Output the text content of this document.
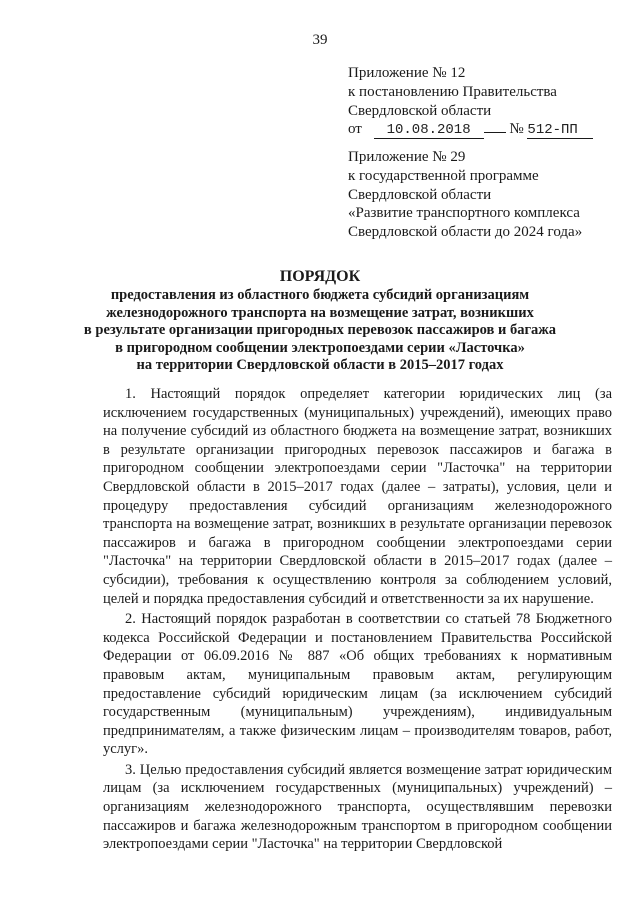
39
Приложение № 12
к постановлению Правительства
Свердловской области
от 10.08.2018	№ 512-ПП
Приложение № 29
к государственной программе
Свердловской области
«Развитие транспортного комплекса
Свердловской области до 2024 года»
ПОРЯДОК
предоставления из областного бюджета субсидий организациям
железнодорожного транспорта на возмещение затрат, возникших
в результате организации пригородных перевозок пассажиров и багажа
в пригородном сообщении электропоездами серии «Ласточка»
на территории Свердловской области в 2015–2017 годах

1. Настоящий порядок определяет категории юридических лиц (за исключением государственных (муниципальных) учреждений), имеющих право на получение субсидий из областного бюджета на возмещение затрат, возникших в результате организации пригородных перевозок пассажиров и багажа в пригородном сообщении электропоездами серии "Ласточка" на территории Свердловской области в 2015–2017 годах (далее – затраты), условия, цели и процедуру предоставления субсидий организациям железнодорожного транспорта на возмещение затрат, возникших в результате организации перевозок пассажиров и багажа в пригородном сообщении электропоездами серии "Ласточка" на территории Свердловской области в 2015–2017 годах (далее – субсидии), требования к осуществлению контроля за соблюдением условий, целей и порядка предоставления субсидий и ответственности за их нарушение.

2. Настоящий порядок разработан в соответствии со статьей 78 Бюджетного кодекса Российской Федерации и постановлением Правительства Российской Федерации от 06.09.2016 № 887 «Об общих требованиях к нормативным правовым актам, муниципальным правовым актам, регулирующим предоставление субсидий юридическим лицам (за исключением субсидий государственным (муниципальным) учреждениям), индивидуальным предпринимателям, а также физическим лицам – производителям товаров, работ, услуг».

3. Целью предоставления субсидий является возмещение затрат юридическим лицам (за исключением государственных (муниципальных) учреждений) – организациям железнодорожного транспорта, осуществлявшим перевозки пассажиров и багажа железнодорожным транспортом в пригородном сообщении электропоездами серии "Ласточка" на территории Свердловской
